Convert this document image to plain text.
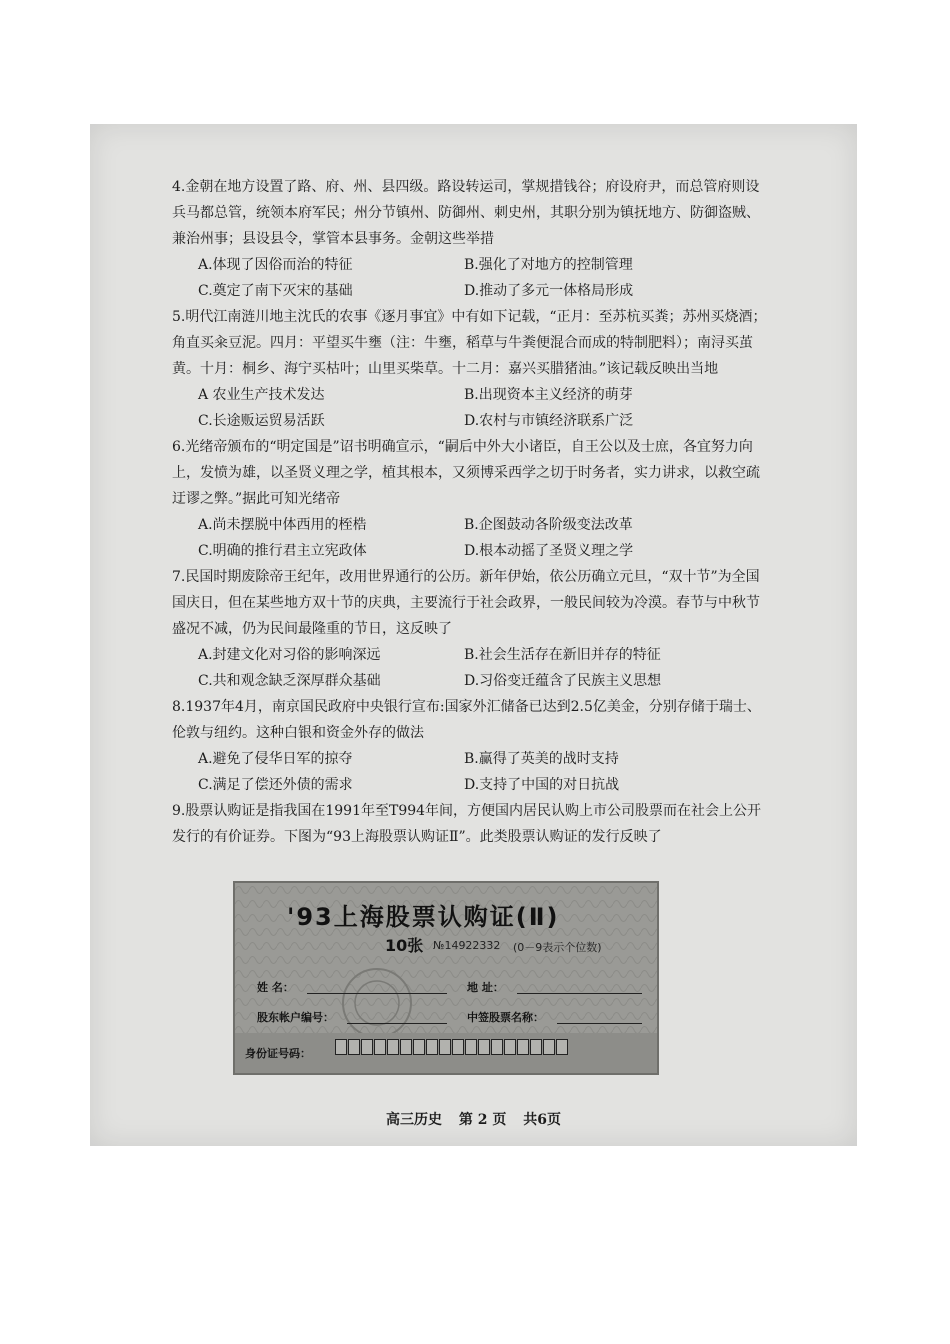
4.金朝在地方设置了路、府、州、县四级。路设转运司，掌规措钱谷；府设府尹，而总管府则设兵马都总管，统领本府军民；州分节镇州、防御州、刺史州，其职分别为镇抚地方、防御盗贼、兼治州事；县设县令，掌管本县事务。金朝这些举措
A.体现了因俗而治的特征	B.强化了对地方的控制管理
C.奠定了南下灭宋的基础	D.推动了多元一体格局形成
5.明代江南涟川地主沈氏的农事《逐月事宜》中有如下记载，“正月：至苏杭买粪；苏州买烧酒；角直买籴豆泥。四月：平望买牛壅（注：牛壅，稻草与牛粪便混合而成的特制肥料）；南浔买茧黄。十月：桐乡、海宁买枯叶；山里买柴草。十二月：嘉兴买腊猪油。”该记载反映出当地
A 农业生产技术发达	B.出现资本主义经济的萌芽
C.长途贩运贸易活跃	D.农村与市镇经济联系广泛
6.光绪帝颁布的“明定国是”诏书明确宣示，“嗣后中外大小诸臣，自王公以及士庶，各宜努力向上，发愤为雄，以圣贤义理之学，植其根本，又须博采西学之切于时务者，实力讲求，以救空疏迂谬之弊。”据此可知光绪帝
A.尚未摆脱中体西用的桎梏	B.企图鼓动各阶级变法改革
C.明确的推行君主立宪政体	D.根本动摇了圣贤义理之学
7.民国时期废除帝王纪年，改用世界通行的公历。新年伊始，依公历确立元旦，“双十节”为全国国庆日，但在某些地方双十节的庆典，主要流行于社会政界，一般民间较为冷漠。春节与中秋节盛况不减，仍为民间最隆重的节日，这反映了
A.封建文化对习俗的影响深远	B.社会生活存在新旧并存的特征
C.共和观念缺乏深厚群众基础	D.习俗变迁蕴含了民族主义思想
8.1937年4月，南京国民政府中央银行宣布:国家外汇储备已达到2.5亿美金，分别存储于瑞士、伦敦与纽约。这种白银和资金外存的做法
A.避免了侵华日军的掠夺	B.赢得了英美的战时支持
C.满足了偿还外债的需求	D.支持了中国的对日抗战
9.股票认购证是指我国在1991年至T994年间，方便国内居民认购上市公司股票而在社会上公开发行的有价证券。下图为“93上海股票认购证Ⅱ”。此类股票认购证的发行反映了
'93上海股票认购证(Ⅱ)
10张 №14922332 (0－9表示个位数)
姓 名：	地 址：
股东帐户编号：	中签股票名称：
身份证号码：
高三历史 第 2 页 共6页
